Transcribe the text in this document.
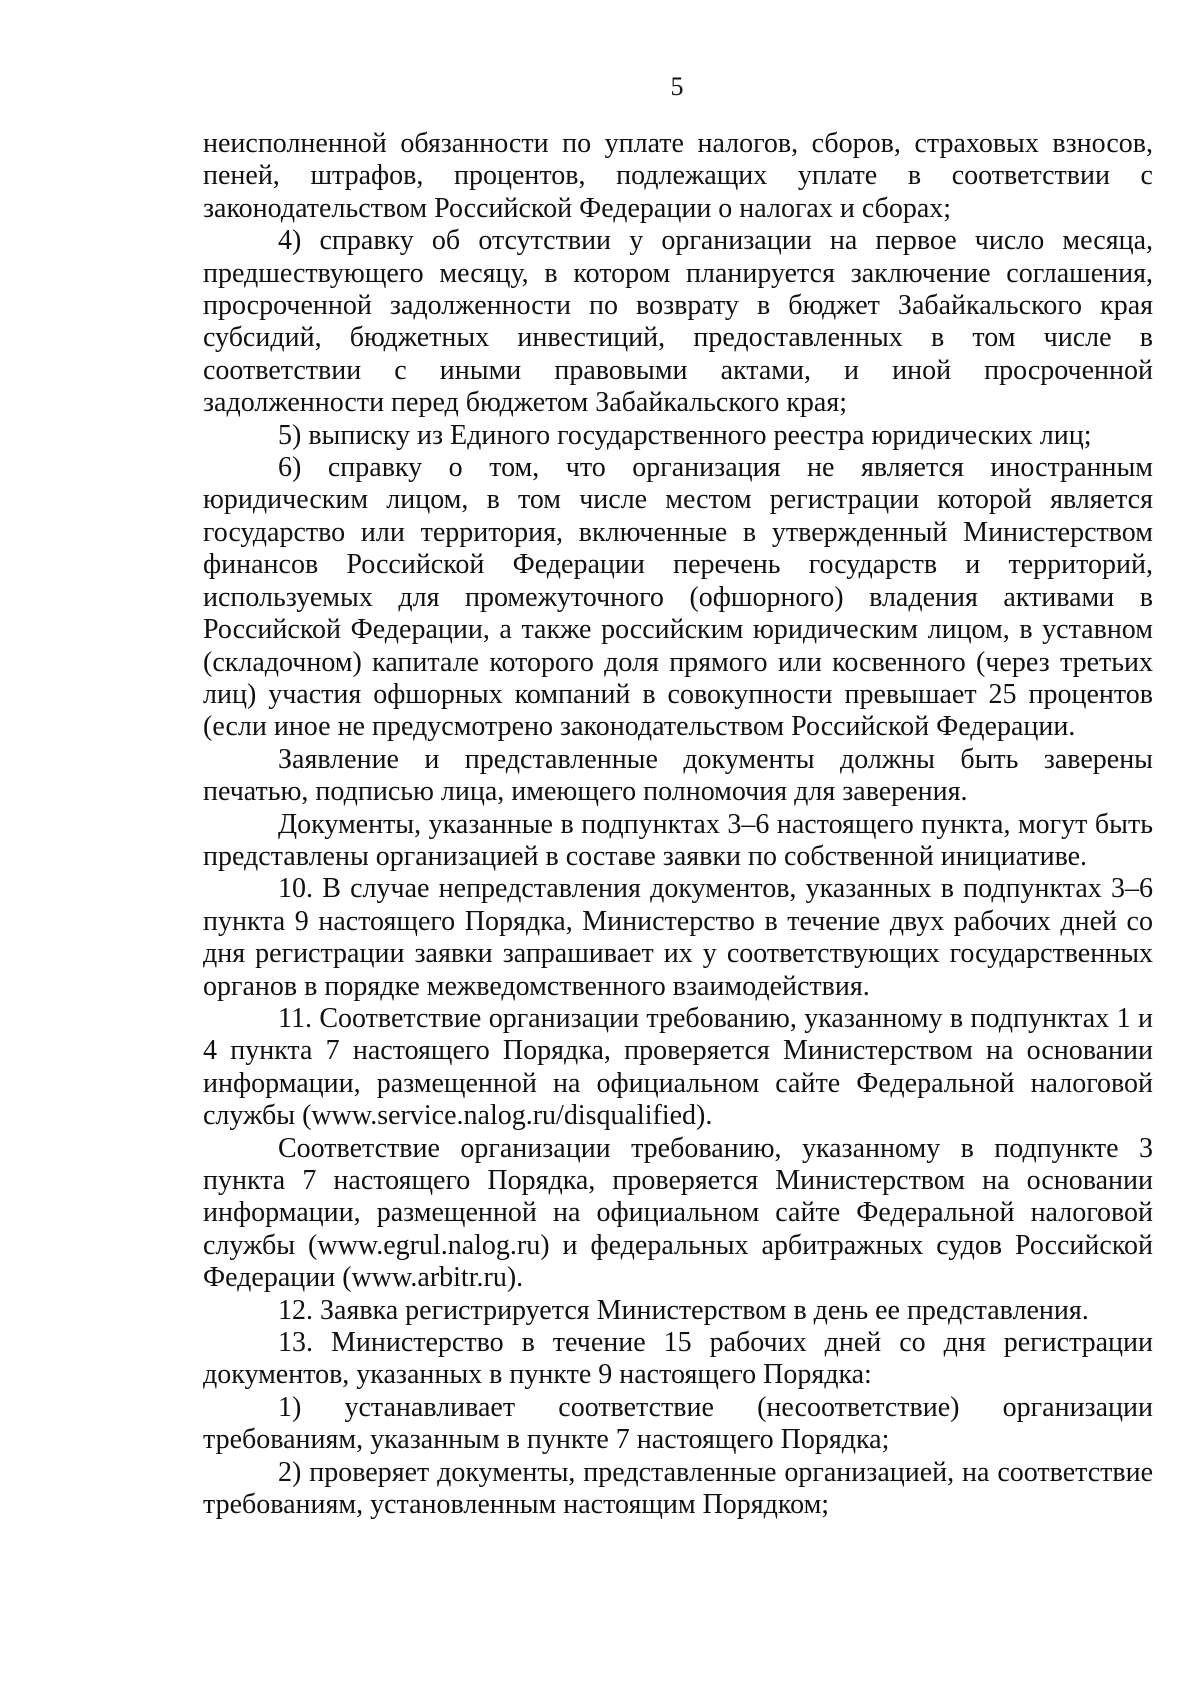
5

неисполненной обязанности по уплате налогов, сборов, страховых взносов, пеней, штрафов, процентов, подлежащих уплате в соответствии с законодательством Российской Федерации о налогах и сборах;

4) справку об отсутствии у организации на первое число месяца, предшествующего месяцу, в котором планируется заключение соглашения, просроченной задолженности по возврату в бюджет Забайкальского края субсидий, бюджетных инвестиций, предоставленных в том числе в соответствии с иными правовыми актами, и иной просроченной задолженности перед бюджетом Забайкальского края;

5) выписку из Единого государственного реестра юридических лиц;

6) справку о том, что организация не является иностранным юридическим лицом, в том числе местом регистрации которой является государство или территория, включенные в утвержденный Министерством финансов Российской Федерации перечень государств и территорий, используемых для промежуточного (офшорного) владения активами в Российской Федерации, а также российским юридическим лицом, в уставном (складочном) капитале которого доля прямого или косвенного (через третьих лиц) участия офшорных компаний в совокупности превышает 25 процентов (если иное не предусмотрено законодательством Российской Федерации.

Заявление и представленные документы должны быть заверены печатью, подписью лица, имеющего полномочия для заверения.

Документы, указанные в подпунктах 3–6 настоящего пункта, могут быть представлены организацией в составе заявки по собственной инициативе.

10. В случае непредставления документов, указанных в подпунктах 3–6 пункта 9 настоящего Порядка, Министерство в течение двух рабочих дней со дня регистрации заявки запрашивает их у соответствующих государственных органов в порядке межведомственного взаимодействия.

11. Соответствие организации требованию, указанному в подпунктах 1 и 4 пункта 7 настоящего Порядка, проверяется Министерством на основании информации, размещенной на официальном сайте Федеральной налоговой службы (www.service.nalog.ru/disqualified).

Соответствие организации требованию, указанному в подпункте 3 пункта 7 настоящего Порядка, проверяется Министерством на основании информации, размещенной на официальном сайте Федеральной налоговой службы (www.egrul.nalog.ru) и федеральных арбитражных судов Российской Федерации (www.arbitr.ru).

12. Заявка регистрируется Министерством в день ее представления.

13. Министерство в течение 15 рабочих дней со дня регистрации документов, указанных в пункте 9 настоящего Порядка:

1) устанавливает соответствие (несоответствие) организации требованиям, указанным в пункте 7 настоящего Порядка;

2) проверяет документы, представленные организацией, на соответствие требованиям, установленным настоящим Порядком;
